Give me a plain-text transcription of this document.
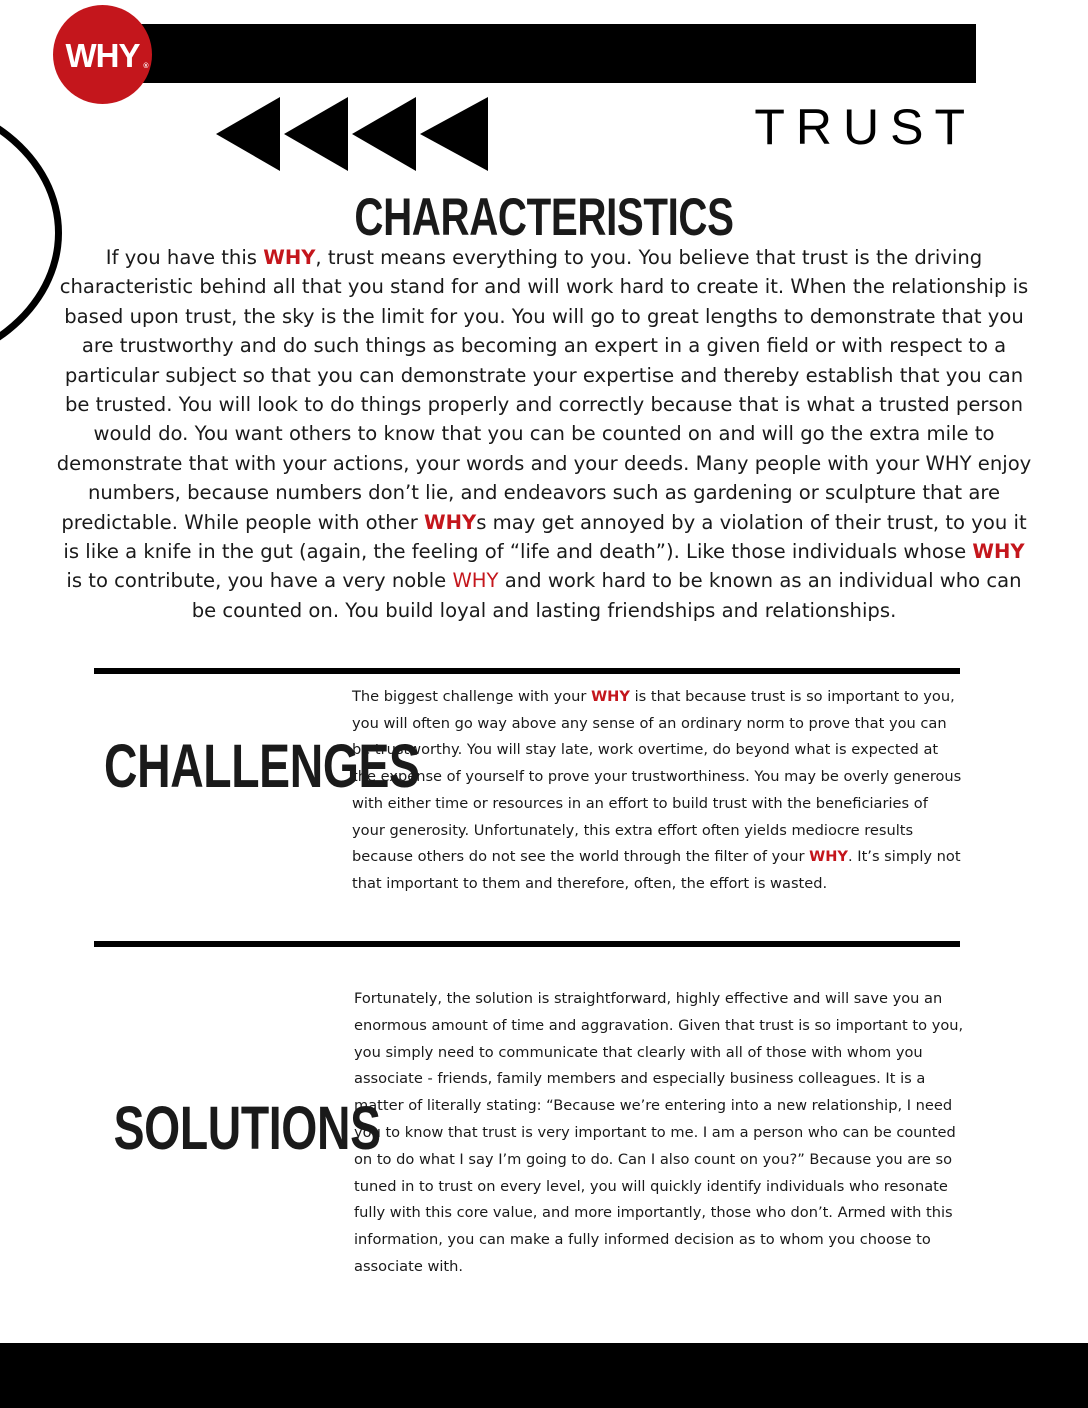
WHY ®
TRUST
CHARACTERISTICS

If you have this WHY, trust means everything to you. You believe that trust is the driving characteristic behind all that you stand for and will work hard to create it. When the relationship is based upon trust, the sky is the limit for you. You will go to great lengths to demonstrate that you are trustworthy and do such things as becoming an expert in a given field or with respect to a particular subject so that you can demonstrate your expertise and thereby establish that you can be trusted. You will look to do things properly and correctly because that is what a trusted person would do. You want others to know that you can be counted on and will go the extra mile to demonstrate that with your actions, your words and your deeds. Many people with your WHY enjoy numbers, because numbers don’t lie, and endeavors such as gardening or sculpture that are predictable. While people with other WHYs may get annoyed by a violation of their trust, to you it is like a knife in the gut (again, the feeling of “life and death”). Like those individuals whose WHY is to contribute, you have a very noble WHY and work hard to be known as an individual who can be counted on. You build loyal and lasting friendships and relationships.

CHALLENGES

The biggest challenge with your WHY is that because trust is so important to you, you will often go way above any sense of an ordinary norm to prove that you can be trustworthy. You will stay late, work overtime, do beyond what is expected at the expense of yourself to prove your trustworthiness. You may be overly generous with either time or resources in an effort to build trust with the beneficiaries of your generosity. Unfortunately, this extra effort often yields mediocre results because others do not see the world through the filter of your WHY. It’s simply not that important to them and therefore, often, the effort is wasted.

SOLUTIONS

Fortunately, the solution is straightforward, highly effective and will save you an enormous amount of time and aggravation. Given that trust is so important to you, you simply need to communicate that clearly with all of those with whom you associate - friends, family members and especially business colleagues. It is a matter of literally stating: “Because we’re entering into a new relationship, I need you to know that trust is very important to me. I am a person who can be counted on to do what I say I’m going to do. Can I also count on you?” Because you are so tuned in to trust on every level, you will quickly identify individuals who resonate fully with this core value, and more importantly, those who don’t. Armed with this information, you can make a fully informed decision as to whom you choose to associate with.
